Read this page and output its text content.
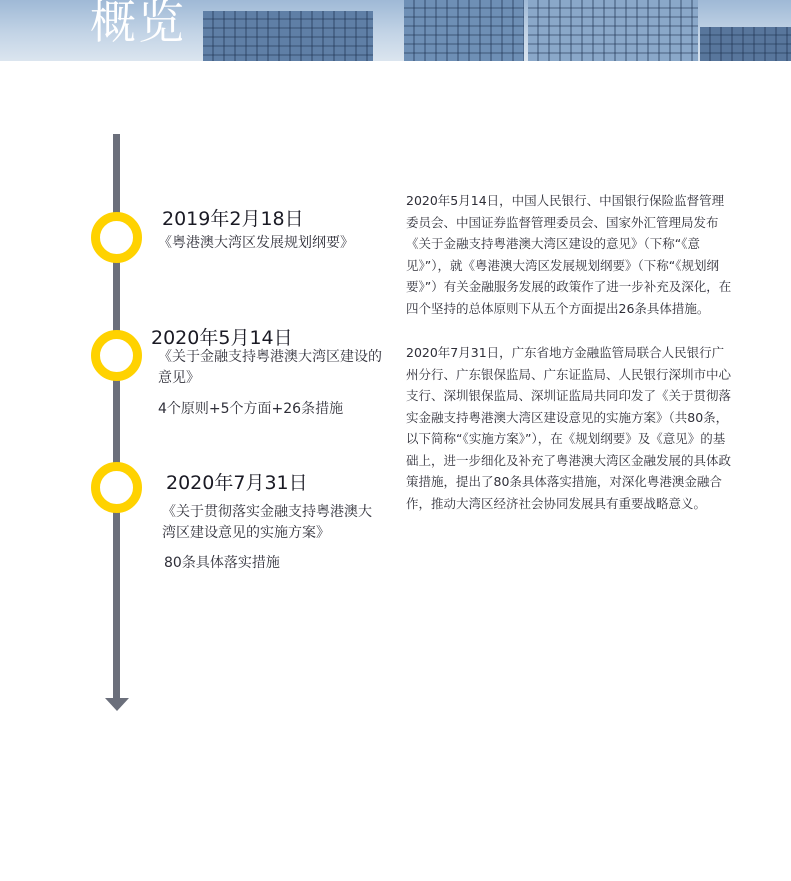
概览
2019年2月18日
《粤港澳大湾区发展规划纲要》
2020年5月14日
《关于金融支持粤港澳大湾区建设的意见》
4个原则+5个方面+26条措施
2020年7月31日
《关于贯彻落实金融支持粤港澳大湾区建设意见的实施方案》
80条具体落实措施
2020年5月14日，中国人民银行、中国银行保险监督管理委员会、中国证券监督管理委员会、国家外汇管理局发布《关于金融支持粤港澳大湾区建设的意见》（下称“《意见》”），就《粤港澳大湾区发展规划纲要》（下称“《规划纲要》”）有关金融服务发展的政策作了进一步补充及深化，在四个坚持的总体原则下从五个方面提出26条具体措施。
2020年7月31日，广东省地方金融监管局联合人民银行广州分行、广东银保监局、广东证监局、人民银行深圳市中心支行、深圳银保监局、深圳证监局共同印发了《关于贯彻落实金融支持粤港澳大湾区建设意见的实施方案》（共80条，以下简称“《实施方案》”），在《规划纲要》及《意见》的基础上，进一步细化及补充了粤港澳大湾区金融发展的具体政策措施，提出了80条具体落实措施，对深化粤港澳金融合作，推动大湾区经济社会协同发展具有重要战略意义。
